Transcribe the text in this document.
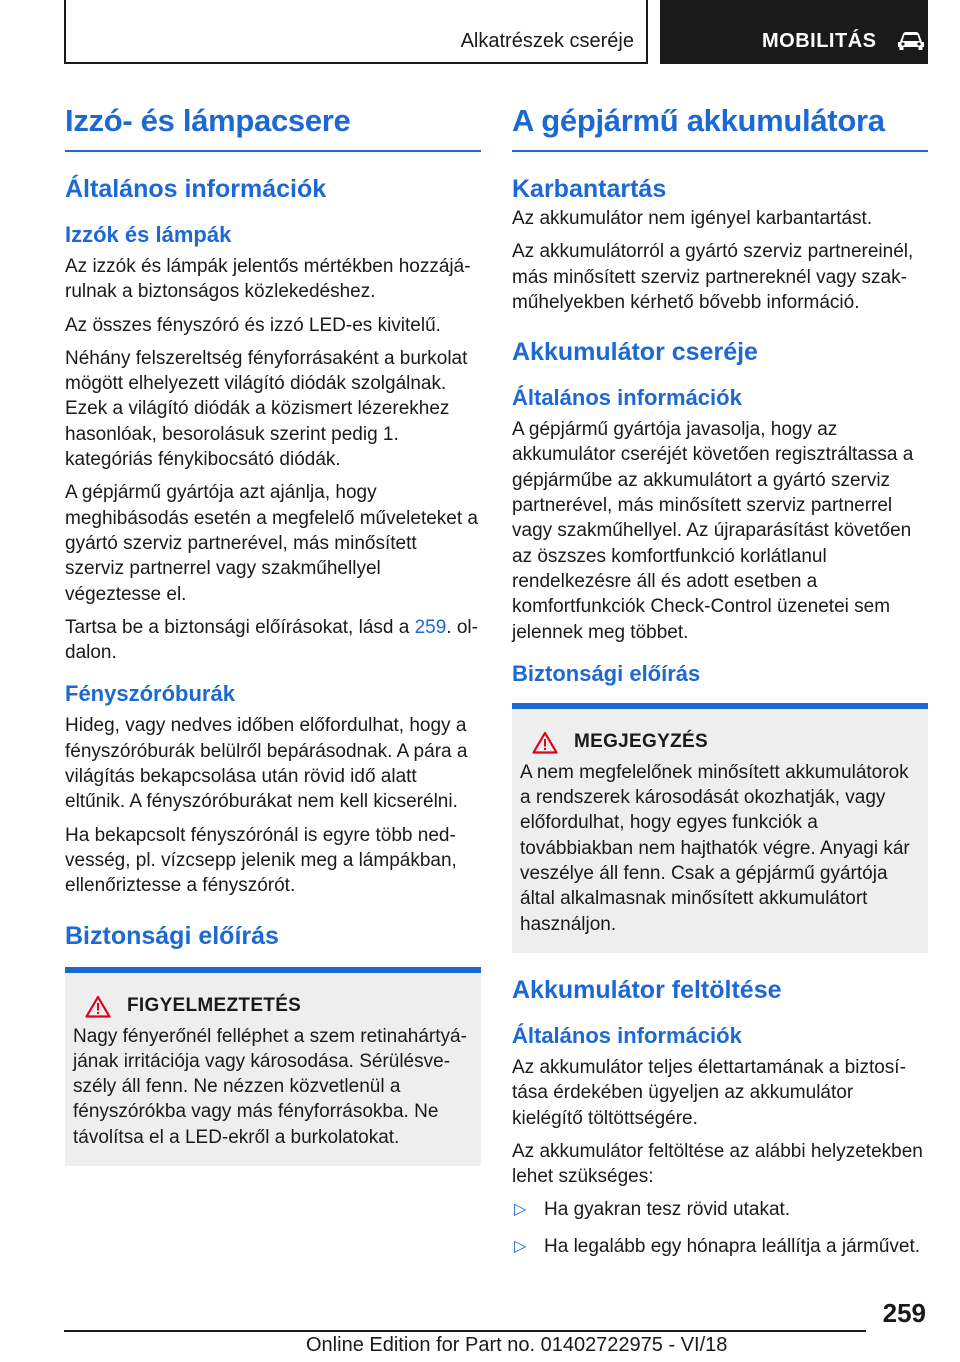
Alkatrészek cseréje	MOBILITÁS
Izzó- és lámpacsere
Általános információk
Izzók és lámpák

Az izzók és lámpák jelentős mértékben hozzájárulnak a biztonságos közlekedéshez.

Az összes fényszóró és izzó LED-es kivitelű.

Néhány felszereltség fényforrásaként a burkolat mögött elhelyezett világító diódák szolgálnak. Ezek a világító diódák a közismert lézerekhez hasonlóak, besorolásuk szerint pedig 1. kategóriás fénykibocsátó diódák.

A gépjármű gyártója azt ajánlja, hogy meghibásodás esetén a megfelelő műveleteket a gyártó szerviz partnerével, más minősített szerviz partnerrel vagy szakműhellyel végeztesse el.

Tartsa be a biztonsági előírásokat, lásd a 259. oldalon.

Fényszóróburák

Hideg, vagy nedves időben előfordulhat, hogy a fényszóróburák belülről bepárásodnak. A pára a világítás bekapcsolása után rövid idő alatt eltűnik. A fényszóróburákat nem kell kicserélni.

Ha bekapcsolt fényszórónál is egyre több nedvesség, pl. vízcsepp jelenik meg a lámpákban, ellenőriztesse a fényszórót.

Biztonsági előírás
FIGYELMEZTETÉS

Nagy fényerőnél felléphet a szem retinahártyájának irritációja vagy károsodása. Sérülésveszély áll fenn. Ne nézzen közvetlenül a fényszórókba vagy más fényforrásokba. Ne távolítsa el a LED-ekről a burkolatokat.

A gépjármű akkumulátora
Karbantartás

Az akkumulátor nem igényel karbantartást.

Az akkumulátorról a gyártó szerviz partnereinél, más minősített szerviz partnereknél vagy szakműhelyekben kérhető bővebb információ.

Akkumulátor cseréje
Általános információk

A gépjármű gyártója javasolja, hogy az akkumulátor cseréjét követően regisztráltassa a gépjárműbe az akkumulátort a gyártó szerviz partnerével, más minősített szerviz partnerrel vagy szakműhellyel. Az újraparásítást követően az öszszes komfortfunkció korlátlanul rendelkezésre áll és adott esetben a komfortfunkciók Check-Control üzenetei sem jelennek meg többet.

Biztonsági előírás
MEGJEGYZÉS

A nem megfelelőnek minősített akkumulátorok a rendszerek károsodását okozhatják, vagy előfordulhat, hogy egyes funkciók a továbbiakban nem hajthatók végre. Anyagi kár veszélye áll fenn. Csak a gépjármű gyártója által alkalmasnak minősített akkumulátort használjon.

Akkumulátor feltöltése
Általános információk

Az akkumulátor teljes élettartamának a biztosítása érdekében ügyeljen az akkumulátor kielégítő töltöttségére.

Az akkumulátor feltöltése az alábbi helyzetekben lehet szükséges:

▷ Ha gyakran tesz rövid utakat.
▷ Ha legalább egy hónapra leállítja a járművet.
259
Online Edition for Part no. 01402722975 - VI/18
